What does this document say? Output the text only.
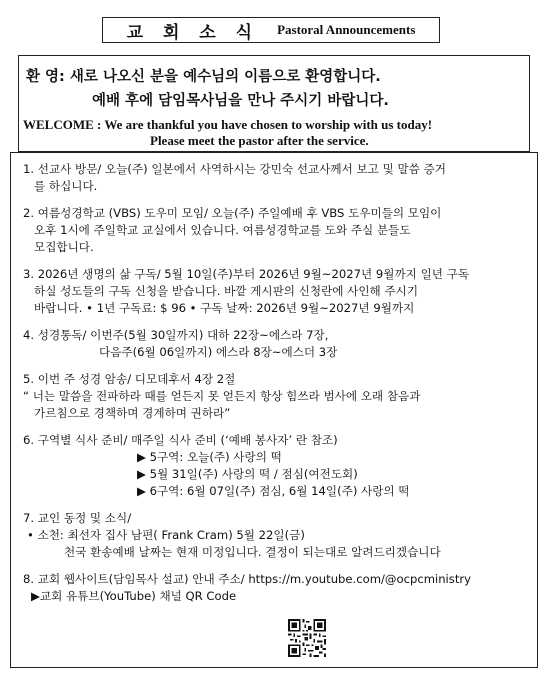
교 회 소 식 Pastoral Announcements
환 영: 새로 나오신 분을 예수님의 이름으로 환영합니다.
예배 후에 담임목사님을 만나 주시기 바랍니다.
WELCOME : We are thankful you have chosen to worship with us today!
Please meet the pastor after the service.
1. 선교사 방문/ 오늘(주) 일본에서 사역하시는 강민숙 선교사께서 보고 및 말씀 증거
를 하십니다.
2. 여름성경학교 (VBS) 도우미 모임/ 오늘(주) 주일예배 후 VBS 도우미들의 모임이
오후 1시에 주일학교 교실에서 있습니다. 여름성경학교를 도와 주실 분들도
모집합니다.
3. 2026년 생명의 삶 구독/ 5월 10일(주)부터 2026년 9월~2027년 9월까지 일년 구독
하실 성도들의 구독 신청을 받습니다. 바깥 게시판의 신청란에 사인해 주시기
바랍니다. • 1년 구독료: $ 96 • 구독 날짜: 2026년 9월~2027년 9월까지
4. 성경통독/ 이번주(5월 30일까지) 대하 22장~에스라 7장,
다음주(6월 06일까지) 에스라 8장~에스더 3장
5. 이번 주 성경 암송/ 디모데후서 4장 2절
“ 너는 말씀을 전파하라 때를 얻든지 못 얻든지 항상 힘쓰라 범사에 오래 참음과
가르침으로 경책하며 경계하며 권하라”
6. 구역별 식사 준비/ 매주일 식사 준비 (‘예배 봉사자’ 란 참조)
▶ 5구역: 오늘(주) 사랑의 떡
▶ 5월 31일(주) 사랑의 떡 / 점심(여전도회)
▶ 6구역: 6월 07일(주) 점심, 6월 14일(주) 사랑의 떡
7. 교인 동정 및 소식/
• 소천: 최선자 집사 남편( Frank Cram) 5월 22일(금)
천국 환송예배 날짜는 현재 미정입니다. 결정이 되는대로 알려드리겠습니다
8. 교회 웹사이트(담임목사 설교) 안내 주소/ https://m.youtube.com/@ocpcministry
▶교회 유튜브(YouTube) 채널 QR Code
